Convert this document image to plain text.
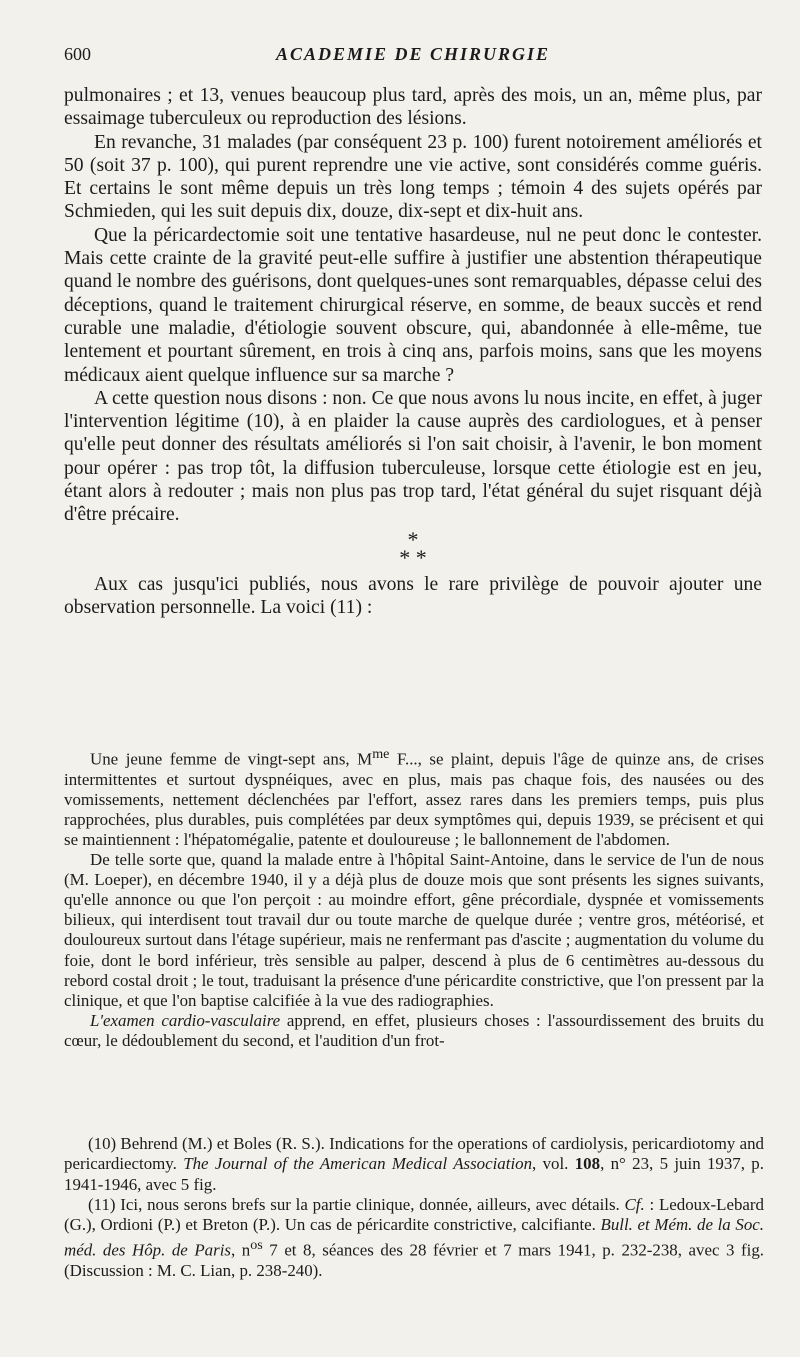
600	ACADEMIE DE CHIRURGIE

pulmonaires ; et 13, venues beaucoup plus tard, après des mois, un an, même plus, par essaimage tuberculeux ou reproduction des lésions.

En revanche, 31 malades (par conséquent 23 p. 100) furent notoirement améliorés et 50 (soit 37 p. 100), qui purent reprendre une vie active, sont considérés comme guéris. Et certains le sont même depuis un très long temps ; témoin 4 des sujets opérés par Schmieden, qui les suit depuis dix, douze, dix-sept et dix-huit ans.

Que la péricardectomie soit une tentative hasardeuse, nul ne peut donc le contester. Mais cette crainte de la gravité peut-elle suffire à justifier une abstention thérapeutique quand le nombre des guérisons, dont quelques-unes sont remarquables, dépasse celui des déceptions, quand le traitement chirurgical réserve, en somme, de beaux succès et rend curable une maladie, d'étiologie souvent obscure, qui, abandonnée à elle-même, tue lentement et pourtant sûrement, en trois à cinq ans, parfois moins, sans que les moyens médicaux aient quelque influence sur sa marche ?

A cette question nous disons : non. Ce que nous avons lu nous incite, en effet, à juger l'intervention légitime (10), à en plaider la cause auprès des cardiologues, et à penser qu'elle peut donner des résultats améliorés si l'on sait choisir, à l'avenir, le bon moment pour opérer : pas trop tôt, la diffusion tuberculeuse, lorsque cette étiologie est en jeu, étant alors à redouter ; mais non plus pas trop tard, l'état général du sujet risquant déjà d'être précaire.

*
* *

Aux cas jusqu'ici publiés, nous avons le rare privilège de pouvoir ajouter une observation personnelle. La voici (11) :

Une jeune femme de vingt-sept ans, $M^{me}$ F..., se plaint, depuis l'âge de quinze ans, de crises intermittentes et surtout dyspnéiques, avec en plus, mais pas chaque fois, des nausées ou des vomissements, nettement déclenchées par l'effort, assez rares dans les premiers temps, puis plus rapprochées, plus durables, puis complétées par deux symptômes qui, depuis 1939, se précisent et qui se maintiennent : l'hépatomégalie, patente et douloureuse ; le ballonnement de l'abdomen.

De telle sorte que, quand la malade entre à l'hôpital Saint-Antoine, dans le service de l'un de nous (M. Loeper), en décembre 1940, il y a déjà plus de douze mois que sont présents les signes suivants, qu'elle annonce ou que l'on perçoit : au moindre effort, gêne précordiale, dyspnée et vomissements bilieux, qui interdisent tout travail dur ou toute marche de quelque durée ; ventre gros, météorisé, et douloureux surtout dans l'étage supérieur, mais ne renfermant pas d'ascite ; augmentation du volume du foie, dont le bord inférieur, très sensible au palper, descend à plus de 6 centimètres au-dessous du rebord costal droit ; le tout, traduisant la présence d'une péricardite constrictive, que l'on pressent par la clinique, et que l'on baptise calcifiée à la vue des radiographies.

L'examen cardio-vasculaire apprend, en effet, plusieurs choses : l'assourdissement des bruits du cœur, le dédoublement du second, et l'audition d'un frot-

(10) Behrend (M.) et Boles (R. S.). Indications for the operations of cardiolysis, pericardiotomy and pericardiectomy. The Journal of the American Medical Association, vol. 108, n° 23, 5 juin 1937, p. 1941-1946, avec 5 fig.

(11) Ici, nous serons brefs sur la partie clinique, donnée, ailleurs, avec détails. Cf. : Ledoux-Lebard (G.), Ordioni (P.) et Breton (P.). Un cas de péricardite constrictive, calcifiante. Bull. et Mém. de la Soc. méd. des Hôp. de Paris, $n^{os}$ 7 et 8, séances des 28 février et 7 mars 1941, p. 232-238, avec 3 fig. (Discussion : M. C. Lian, p. 238-240).
